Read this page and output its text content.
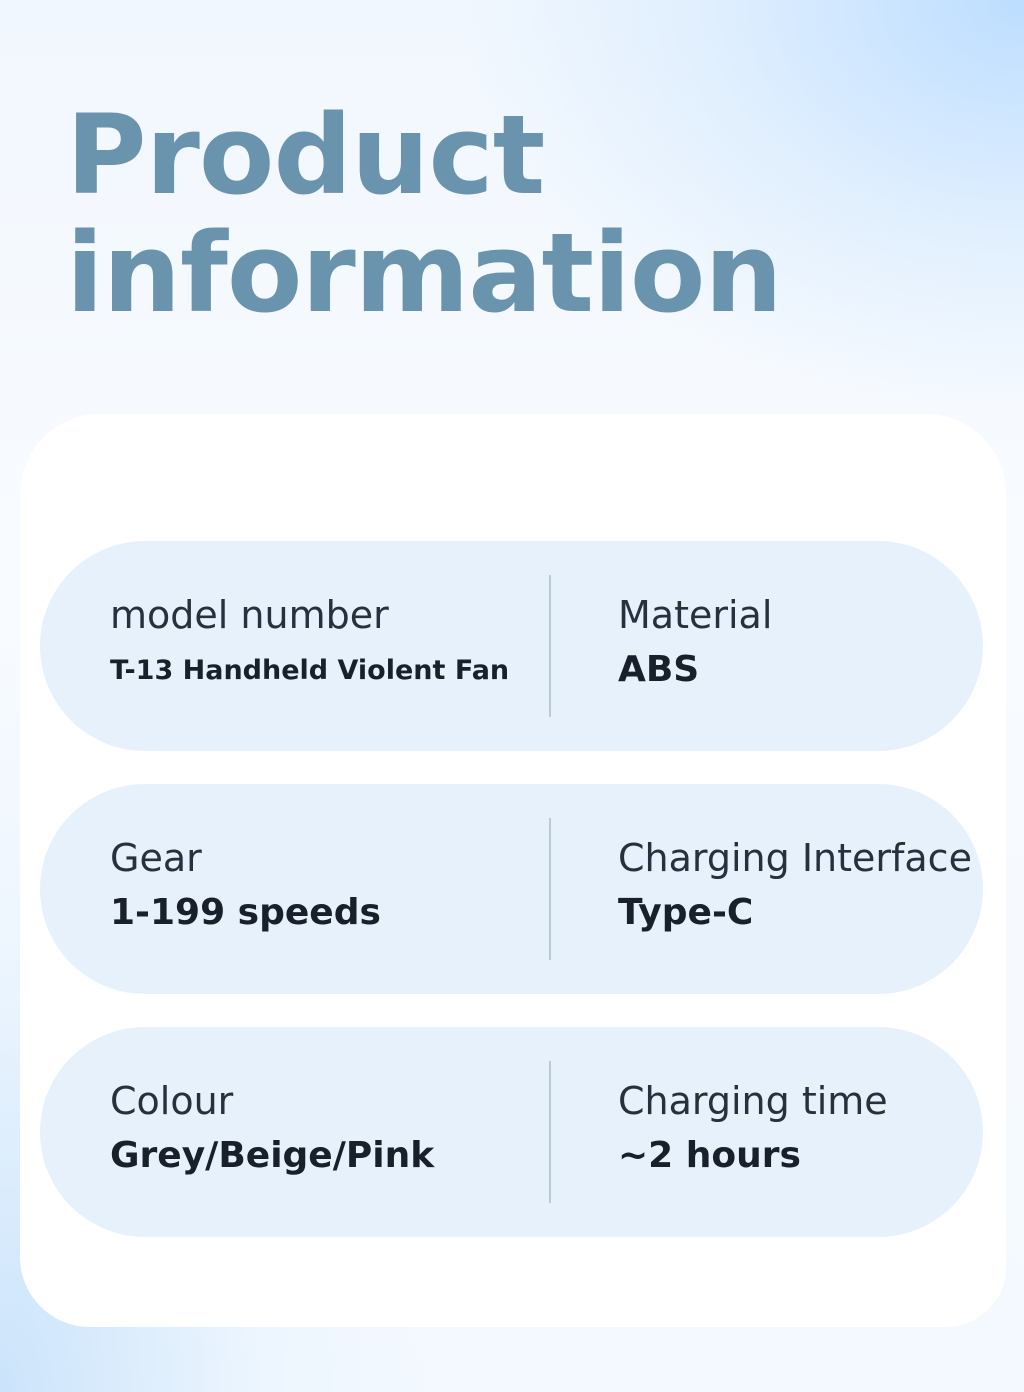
Product
information
model number
T-13 Handheld Violent Fan
Material
ABS
Gear
1-199 speeds
Charging Interface
Type-C
Colour
Grey/Beige/Pink
Charging time
~2 hours
